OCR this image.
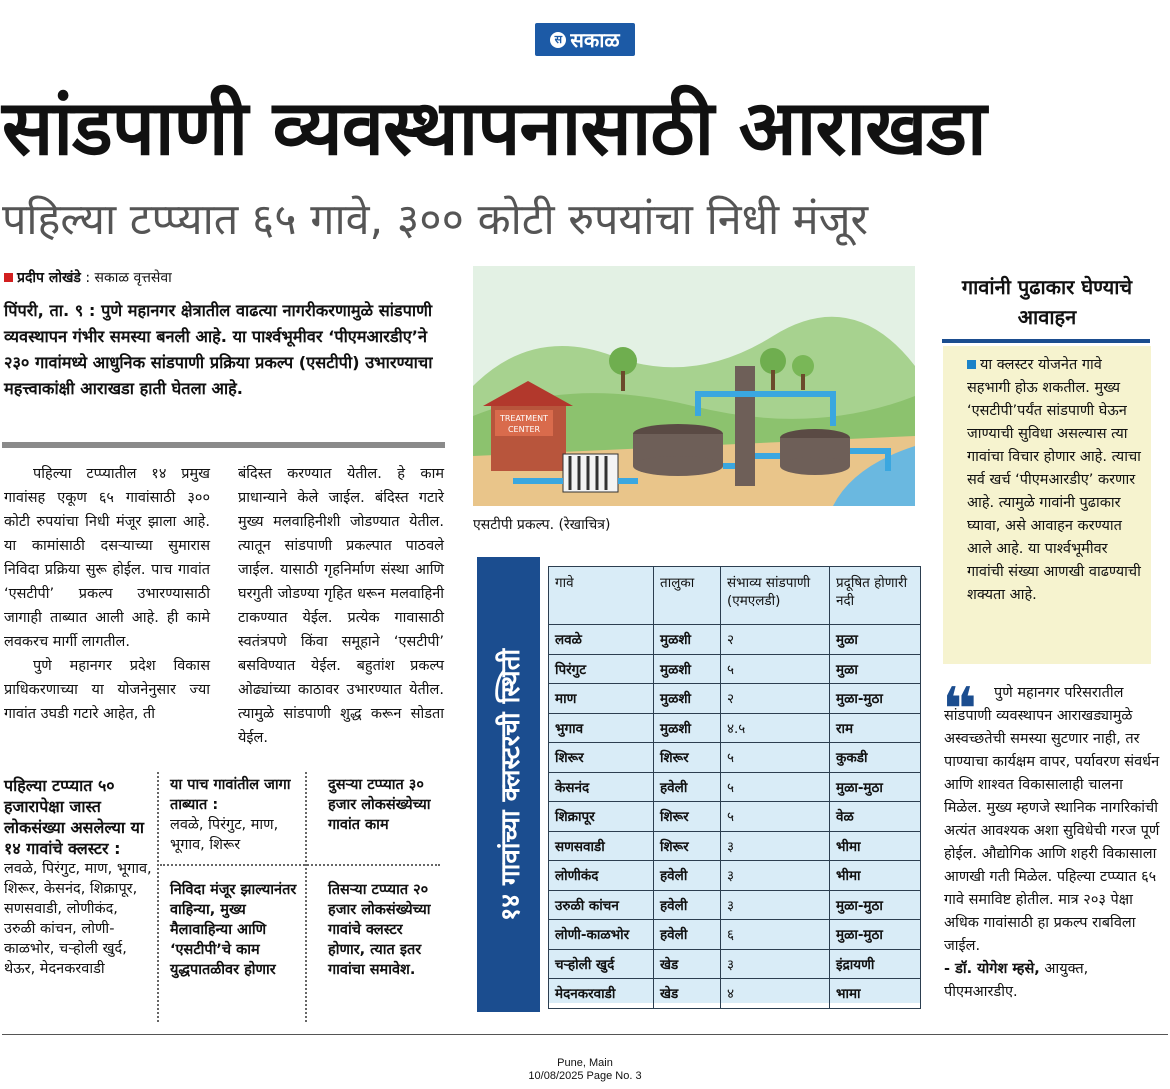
स सकाळ
सांडपाणी व्यवस्थापनासाठी आराखडा
पहिल्या टप्प्यात ६५ गावे, ३०० कोटी रुपयांचा निधी मंजूर
प्रदीप लोखंडे : सकाळ वृत्तसेवा
पिंपरी, ता. ९ : पुणे महानगर क्षेत्रातील वाढत्या नागरीकरणामुळे सांडपाणी व्यवस्थापन गंभीर समस्या बनली आहे. या पार्श्वभूमीवर ‘पीएमआरडीए’ने २३० गावांमध्ये आधुनिक सांडपाणी प्रक्रिया प्रकल्प (एसटीपी) उभारण्याचा महत्त्वाकांक्षी आराखडा हाती घेतला आहे.
पहिल्या टप्प्यातील १४ प्रमुख गावांसह एकूण ६५ गावांसाठी ३०० कोटी रुपयांचा निधी मंजूर झाला आहे. या कामांसाठी दसऱ्याच्या सुमारास निविदा प्रक्रिया सुरू होईल. पाच गावांत ‘एसटीपी’ प्रकल्प उभारण्यासाठी जागाही ताब्यात आली आहे. ही कामे लवकरच मार्गी लागतील.
पुणे महानगर प्रदेश विकास प्राधिकरणाच्या या योजनेनुसार ज्या गावांत उघडी गटारे आहेत, ती
बंदिस्त करण्यात येतील. हे काम प्राधान्याने केले जाईल. बंदिस्त गटारे मुख्य मलवाहिनीशी जोडण्यात येतील. त्यातून सांडपाणी प्रकल्पात पाठवले जाईल. यासाठी गृहनिर्माण संस्था आणि घरगुती जोडण्या गृहित धरून मलवाहिनी टाकण्यात येईल. प्रत्येक गावासाठी स्वतंत्रपणे किंवा समूहाने ‘एसटीपी’ बसविण्यात येईल. बहुतांश प्रकल्प ओढ्यांच्या काठावर उभारण्यात येतील. त्यामुळे सांडपाणी शुद्ध करून सोडता येईल.
पहिल्या टप्प्यात ५० हजारापेक्षा जास्त लोकसंख्या असलेल्या या १४ गावांचे क्लस्टर :
लवळे, पिरंगुट, माण, भूगाव, शिरूर, केसनंद, शिक्रापूर, सणसवाडी, लोणीकंद, उरुळी कांचन, लोणी-काळभोर, चऱ्होली खुर्द, थेऊर, मेदनकरवाडी
या पाच गावांतील जागा ताब्यात :
लवळे, पिरंगुट, माण, भूगाव, शिरूर
निविदा मंजूर झाल्यानंतर वाहिन्या, मुख्य मैलावाहिन्या आणि ‘एसटीपी’चे काम युद्धपातळीवर होणार
दुसऱ्या टप्प्यात ३० हजार लोकसंख्येच्या गावांत काम
तिसऱ्या टप्प्यात २० हजार लोकसंख्येच्या गावांचे क्लस्टर होणार, त्यात इतर गावांचा समावेश.
TREATMENT
CENTER
एसटीपी प्रकल्प. (रेखाचित्र)
१४ गावांच्या क्लस्टरची स्थिती
गावे	तालुका	संभाव्य सांडपाणी (एमएलडी)	प्रदूषित होणारी नदी
लवळे	मुळशी	२	मुळा
पिरंगुट	मुळशी	५	मुळा
माण	मुळशी	२	मुळा-मुठा
भुगाव	मुळशी	४.५	राम
शिरूर	शिरूर	५	कुकडी
केसनंद	हवेली	५	मुळा-मुठा
शिक्रापूर	शिरूर	५	वेळ
सणसवाडी	शिरूर	३	भीमा
लोणीकंद	हवेली	३	भीमा
उरुळी कांचन	हवेली	३	मुळा-मुठा
लोणी-काळभोर	हवेली	६	मुळा-मुठा
चऱ्होली खुर्द	खेड	३	इंद्रायणी
मेदनकरवाडी	खेड	४	भामा
गावांनी पुढाकार घेण्याचे आवाहन

या क्लस्टर योजनेत गावे सहभागी होऊ शकतील. मुख्य ‘एसटीपी’पर्यंत सांडपाणी घेऊन जाण्याची सुविधा असल्यास त्या गावांचा विचार होणार आहे. त्याचा सर्व खर्च ‘पीएमआरडीए’ करणार आहे. त्यामुळे गावांनी पुढाकार घ्यावा, असे आवाहन करण्यात आले आहे. या पार्श्वभूमीवर गावांची संख्या आणखी वाढण्याची शक्यता आहे.

❝	पुणे महानगर परिसरातील सांडपाणी व्यवस्थापन आराखड्यामुळे अस्वच्छतेची समस्या सुटणार नाही, तर पाण्याचा कार्यक्षम वापर, पर्यावरण संवर्धन आणि शाश्वत विकासालाही चालना मिळेल. मुख्य म्हणजे स्थानिक नागरिकांची अत्यंत आवश्यक अशा सुविधेची गरज पूर्ण होईल. औद्योगिक आणि शहरी विकासाला आणखी गती मिळेल. पहिल्या टप्प्यात ६५ गावे समाविष्ट होतील. मात्र २०३ पेक्षा अधिक गावांसाठी हा प्रकल्प राबविला जाईल.
- डॉ. योगेश म्हसे, आयुक्त, पीएमआरडीए.
Pune, Main
10/08/2025 Page No. 3
